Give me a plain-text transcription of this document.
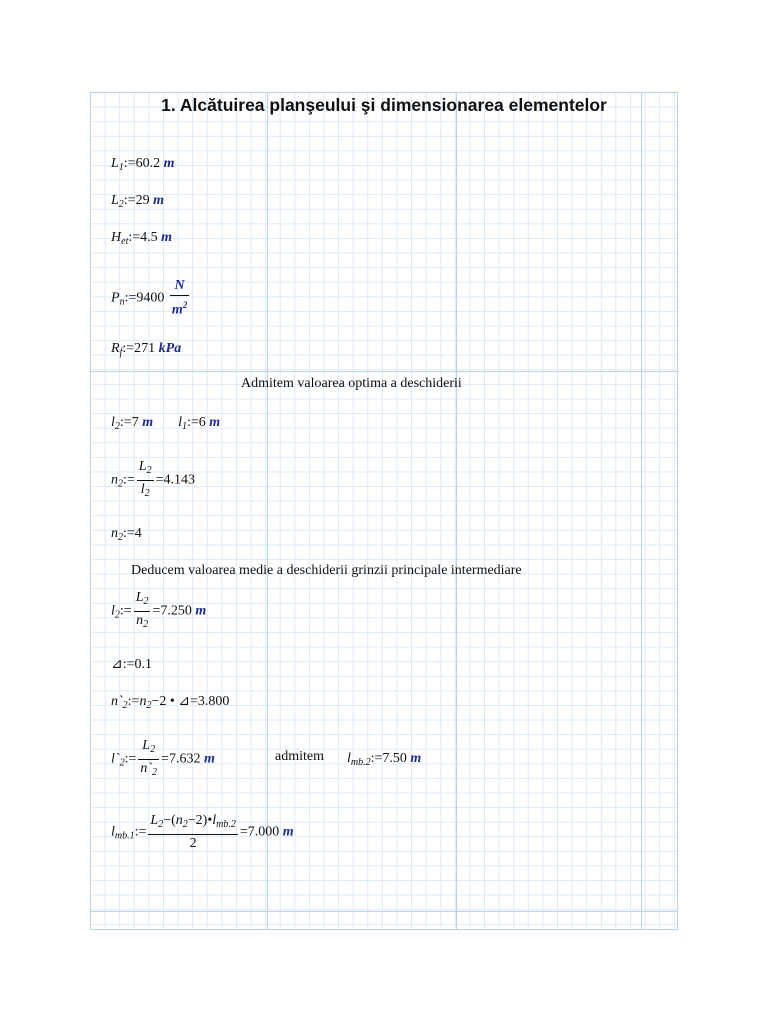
1. Alcătuirea planşeului şi dimensionarea elementelor
$L_1:=60.2$ m
$L_2:=29$ m
$H_{et}:=4.5$ m
$P_n:=9400 \frac{N}{m^2}$
$R_f:=271$ kPa
Admitem valoarea optima a deschiderii
$l_2:=7$ m $l_1:=6$ m
$n_2:= \frac{L_2}{l_2} =4.143$
$n_2:=4$
Deducem valoarea medie a deschiderii grinzii principale intermediare
$l_2:= \frac{L_2}{n_2} =7.250$ m
⊿:=0.1
$n`_2:=n_2-2$ • ⊿=3.800
$l`_2:= \frac{L_2}{n`_2} =7.632$ m	admitem $l_{mb.2}:=7.50$ m
$l_{mb.1}:= \frac{L_2-(n_2-2)•l_{mb.2}}{2} =7.000$ m
